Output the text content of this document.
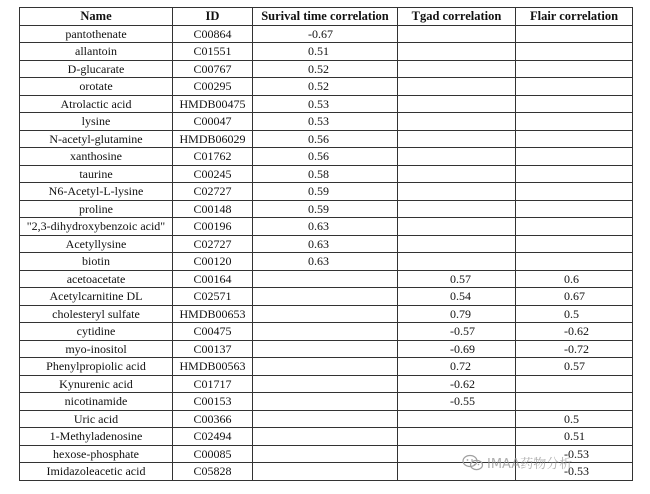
Name	ID	Surival time correlation	Tgad correlation	Flair correlation
pantothenate	C00864	-0.67		
allantoin	C01551	0.51		
D-glucarate	C00767	0.52		
orotate	C00295	0.52		
Atrolactic acid	HMDB00475	0.53		
lysine	C00047	0.53		
N-acetyl-glutamine	HMDB06029	0.56		
xanthosine	C01762	0.56		
taurine	C00245	0.58		
N6-Acetyl-L-lysine	C02727	0.59		
proline	C00148	0.59		
"2,3-dihydroxybenzoic acid"	C00196	0.63		
Acetyllysine	C02727	0.63		
biotin	C00120	0.63		
acetoacetate	C00164		0.57	0.6
Acetylcarnitine DL	C02571		0.54	0.67
cholesteryl sulfate	HMDB00653		0.79	0.5
cytidine	C00475		-0.57	-0.62
myo-inositol	C00137		-0.69	-0.72
Phenylpropiolic acid	HMDB00563		0.72	0.57
Kynurenic acid	C01717		-0.62	
nicotinamide	C00153		-0.55	
Uric acid	C00366			0.5
1-Methyladenosine	C02494			0.51
hexose-phosphate	C00085			-0.53
Imidazoleacetic acid	C05828			-0.53
IMAA药物分析
